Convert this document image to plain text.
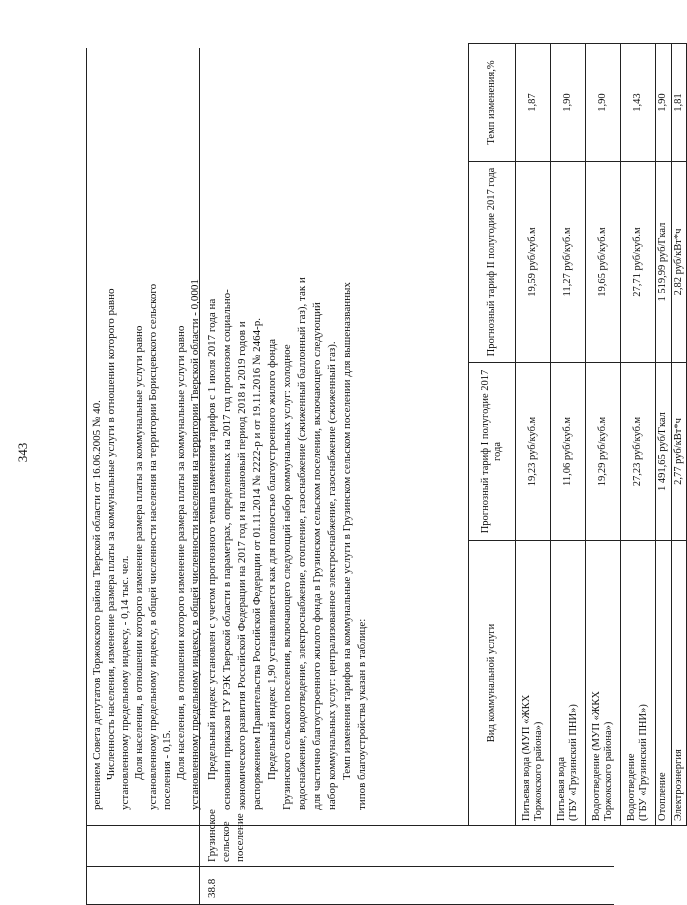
343
38.8
Грузинское сельское поселение
Вид коммунальной услуги	Прогнозный тариф I полугодие 2017 года	Прогнозный тариф II полугодие 2017 года	Темп изменения,%

Питьевая вода (МУП «ЖКХ Торжокского района»)	19,23 руб/куб.м	19,59 руб/куб.м	1,87

Питьевая вода (ГБУ «Грузинский ПНИ»)	11,06 руб/куб.м	11,27 руб/куб.м	1,90

Водоотведение (МУП «ЖКХ Торжокского района»)	19,29 руб/куб.м	19,65 руб/куб.м	1,90

Водоотведение (ГБУ «Грузинский ПНИ»)	27,23 руб/куб.м	27,71 руб/куб.м	1,43
Отопление	1 491,65 руб/Гкал	1 519,99 руб/Гкал	1,90
Электроэнергия	2,77 руб/кВт*ч	2,82 руб/кВт*ч	1,81
решением Совета депутатов Торжокского района Тверской области от 16.06.2005 № 40. Численность населения, изменение размера платы за коммунальные услуги в отношении которого равно установленному предельному индексу, - 0,14 тыс. чел. Доля населения, в отношении которого изменение размера платы за коммунальные услуги равно установленному предельному индексу, в общей численности населения на территории Борисцевского сельского поселения - 0,15. Доля населения, в отношении которого изменение размера платы за коммунальные услуги равно установленному предельному индексу, в общей численности населения на территории Тверской области - 0,0001 Предельный индекс установлен с учетом прогнозного темпа изменения тарифов с 1 июля 2017 года на основании приказов ГУ РЭК Тверской области в параметрах, определенных на 2017 год прогнозом социально- экономического развития Российской Федерации на 2017 год и на плановый период 2018 и 2019 годов и распоряжением Правительства Российской Федерации от 01.11.2014 № 2222-р и от 19.11.2016 № 2464-р. Предельный индекс 1,90 устанавливается как для полностью благоустроенного жилого фонда Грузинского сельского поселения, включающего следующий набор коммунальных услуг: холодное водоснабжение, водоотведение, электроснабжение, отопление, газоснабжение (сжиженный баллонный газ), так и для частично благоустроенного жилого фонда в Грузинском сельском поселении, включающего следующий набор коммунальных услуг: централизованное электроснабжение, газоснабжение (сжиженный газ). Темп изменения тарифов на коммунальные услуги в Грузинском сельском поселении для вышеназванных типов благоустройства указан в таблице:
